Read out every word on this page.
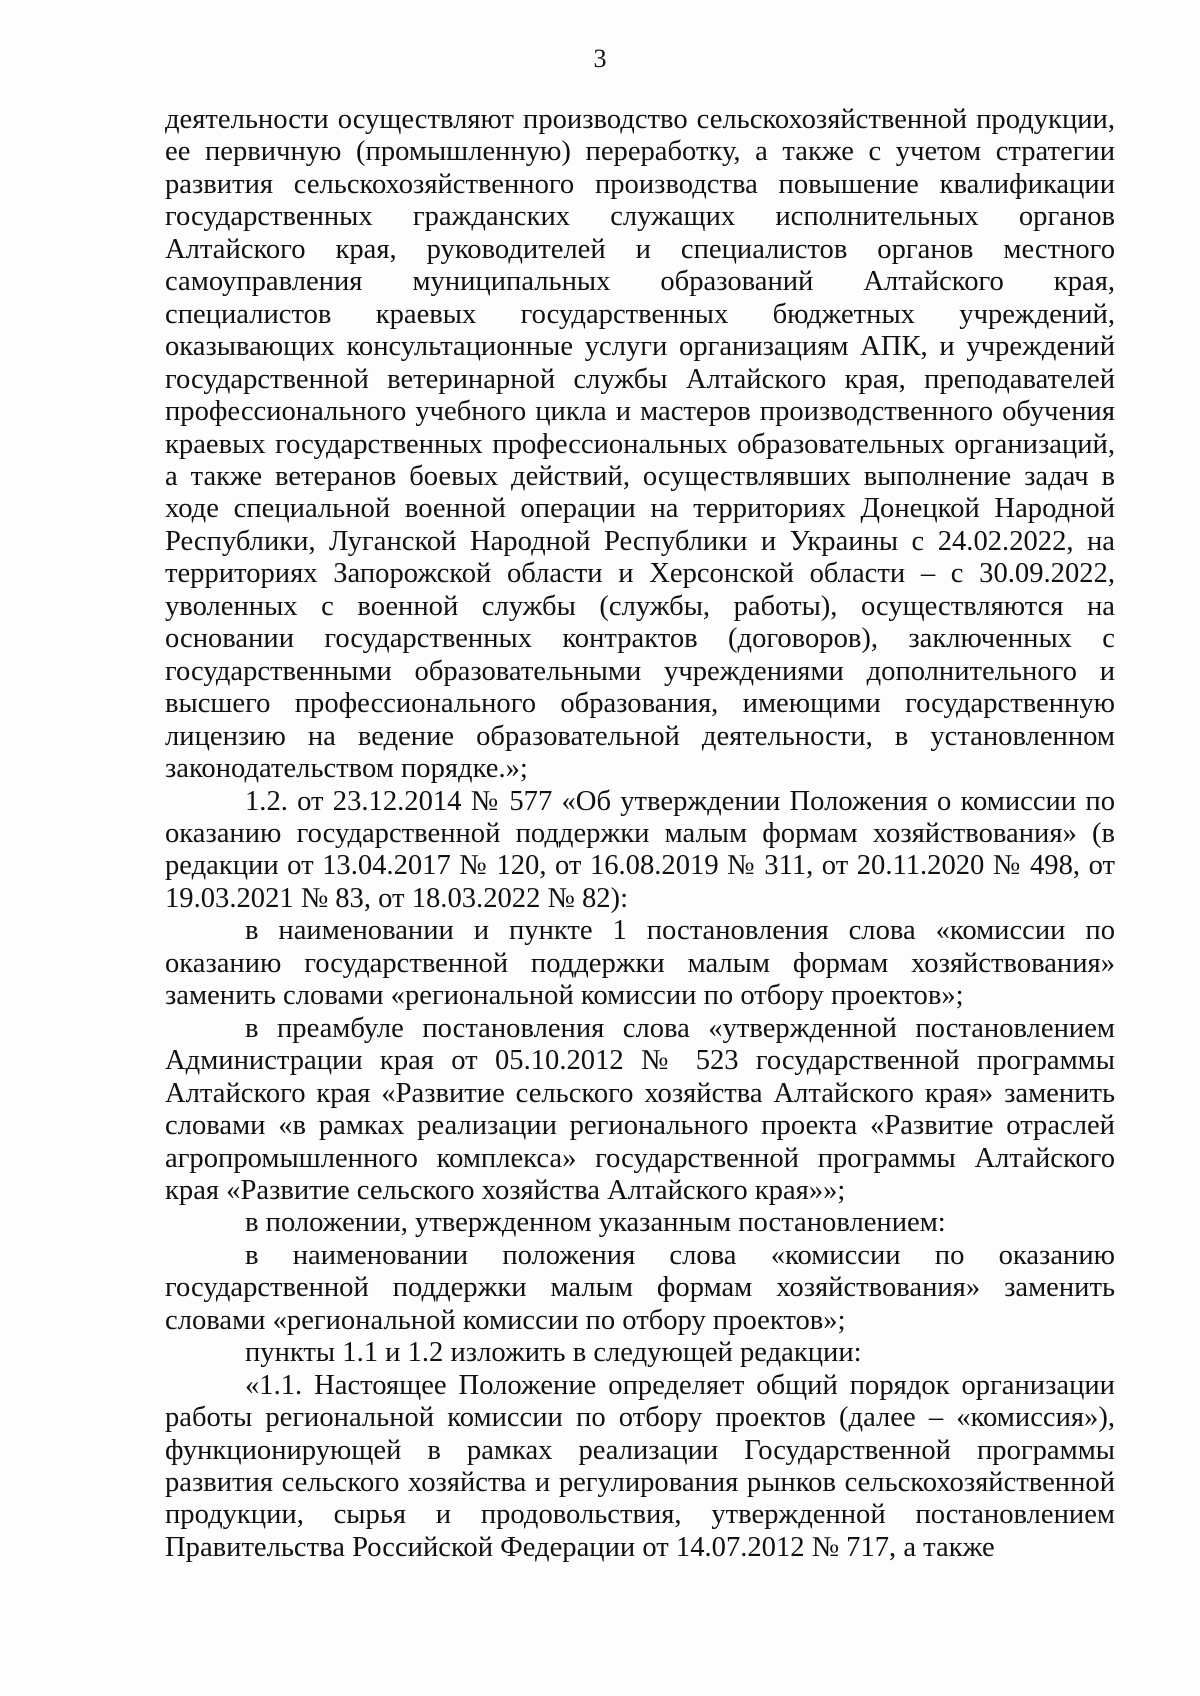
3

деятельности осуществляют производство сельскохозяйственной продукции, ее первичную (промышленную) переработку, а также с учетом стратегии развития сельскохозяйственного производства повышение квалификации государственных гражданских служащих исполнительных органов Алтайского края, руководителей и специалистов органов местного самоуправления муниципальных образований Алтайского края, специалистов краевых государственных бюджетных учреждений, оказывающих консультационные услуги организациям АПК, и учреждений государственной ветеринарной службы Алтайского края, преподавателей профессионального учебного цикла и мастеров производственного обучения краевых государственных профессиональных образовательных организаций, а также ветеранов боевых действий, осуществлявших выполнение задач в ходе специальной военной операции на территориях Донецкой Народной Республики, Луганской Народной Республики и Украины с 24.02.2022, на территориях Запорожской области и Херсонской области – с 30.09.2022, уволенных с военной службы (службы, работы), осуществляются на основании государственных контрактов (договоров), заключенных с государственными образовательными учреждениями дополнительного и высшего профессионального образования, имеющими государственную лицензию на ведение образовательной деятельности, в установленном законодательством порядке.»;

1.2. от 23.12.2014 № 577 «Об утверждении Положения о комиссии по оказанию государственной поддержки малым формам хозяйствования» (в редакции от 13.04.2017 № 120, от 16.08.2019 № 311, от 20.11.2020 № 498, от 19.03.2021 № 83, от 18.03.2022 № 82):

в наименовании и пункте 1 постановления слова «комиссии по оказанию государственной поддержки малым формам хозяйствования» заменить словами «региональной комиссии по отбору проектов»;

в преамбуле постановления слова «утвержденной постановлением Администрации края от 05.10.2012 № 523 государственной программы Алтайского края «Развитие сельского хозяйства Алтайского края» заменить словами «в рамках реализации регионального проекта «Развитие отраслей агропромышленного комплекса» государственной программы Алтайского края «Развитие сельского хозяйства Алтайского края»»;

в положении, утвержденном указанным постановлением:

в наименовании положения слова «комиссии по оказанию государственной поддержки малым формам хозяйствования» заменить словами «региональной комиссии по отбору проектов»;

пункты 1.1 и 1.2 изложить в следующей редакции:

«1.1. Настоящее Положение определяет общий порядок организации работы региональной комиссии по отбору проектов (далее – «комиссия»), функционирующей в рамках реализации Государственной программы развития сельского хозяйства и регулирования рынков сельскохозяйственной продукции, сырья и продовольствия, утвержденной постановлением Правительства Российской Федерации от 14.07.2012 № 717, а также
